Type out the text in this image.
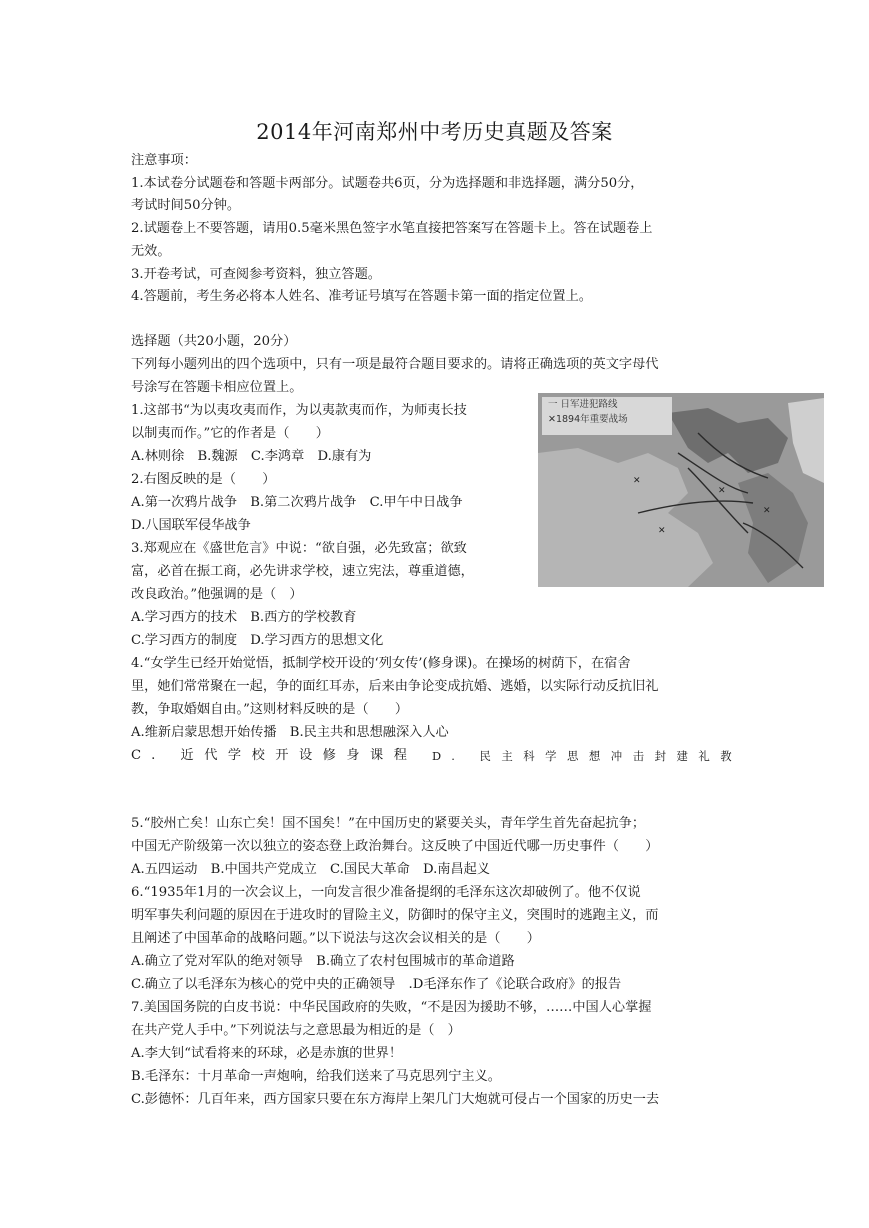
2014年河南郑州中考历史真题及答案
注意事项：
1.本试卷分试题卷和答题卡两部分。试题卷共6页，分为选择题和非选择题，满分50分，
考试时间50分钟。
2.试题卷上不要答题，请用0.5毫米黑色签字水笔直接把答案写在答题卡上。答在试题卷上
无效。
3.开卷考试，可查阅参考资料，独立答题。
4.答题前，考生务必将本人姓名、准考证号填写在答题卡第一面的指定位置上。
选择题（共20小题，20分）
下列每小题列出的四个选项中，只有一项是最符合题目要求的。请将正确选项的英文字母代
号涂写在答题卡相应位置上。
1.这部书“为以夷攻夷而作，为以夷款夷而作，为师夷长技
以制夷而作。”它的作者是（　　）
A.林则徐　B.魏源　C.李鸿章　D.康有为
2.右图反映的是（　　）
A.第一次鸦片战争　B.第二次鸦片战争　C.甲午中日战争
D.八国联军侵华战争
✕
✕
✕
✕
一 日军进犯路线
✕1894年重要战场
3.郑观应在《盛世危言》中说：“欲自强，必先致富；欲致
富，必首在振工商，必先讲求学校，速立宪法，尊重道德，
改良政治。”他强调的是（　）
A.学习西方的技术　B.西方的学校教育
C.学习西方的制度　D.学习西方的思想文化
4.“女学生已经开始觉悟，抵制学校开设的‘列女传’(修身课)。在操场的树荫下，在宿舍
里，她们常常聚在一起，争的面红耳赤，后来由争论变成抗婚、逃婚，以实际行动反抗旧礼
教，争取婚姻自由。”这则材料反映的是（　　）
A.维新启蒙思想开始传播　B.民主共和思想融深入人心
C. 近代学校开设修身课程	D. 民主科学思想冲击封建礼教
5.“胶州亡矣！山东亡矣！国不国矣！”在中国历史的紧要关头，青年学生首先奋起抗争；
中国无产阶级第一次以独立的姿态登上政治舞台。这反映了中国近代哪一历史事件（　　）
A.五四运动　B.中国共产党成立　C.国民大革命　D.南昌起义
6.“1935年1月的一次会议上，一向发言很少准备提纲的毛泽东这次却破例了。他不仅说
明军事失利问题的原因在于进攻时的冒险主义，防御时的保守主义，突围时的逃跑主义，而
且阐述了中国革命的战略问题。”以下说法与这次会议相关的是（　　）
A.确立了党对军队的绝对领导　B.确立了农村包围城市的革命道路
C.确立了以毛泽东为核心的党中央的正确领导　.D毛泽东作了《论联合政府》的报告
7.美国国务院的白皮书说：中华民国政府的失败，“不是因为援助不够，……中国人心掌握
在共产党人手中。”下列说法与之意思最为相近的是（　）
A.李大钊“试看将来的环球，必是赤旗的世界！
B.毛泽东：十月革命一声炮响，给我们送来了马克思列宁主义。
C.彭德怀：几百年来，西方国家只要在东方海岸上架几门大炮就可侵占一个国家的历史一去
